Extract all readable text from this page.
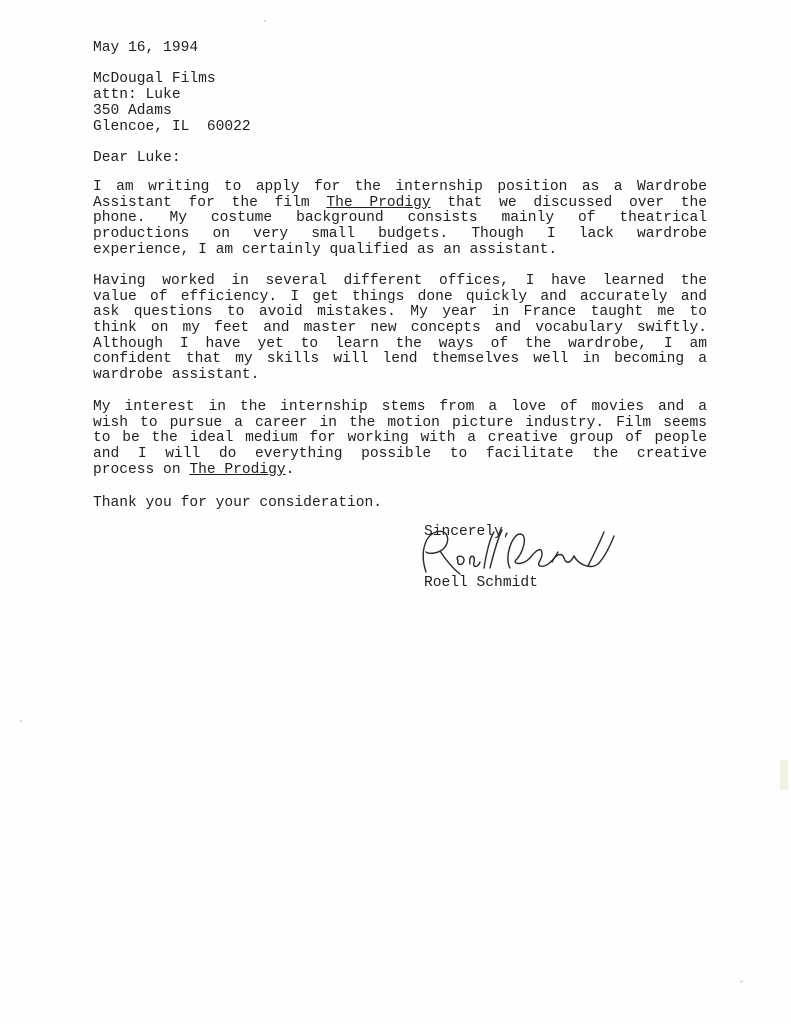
May 16, 1994
McDougal Films
attn: Luke
350 Adams
Glencoe, IL  60022
Dear Luke:
I am writing to apply for the internship position as a Wardrobe
Assistant for the film The Prodigy that we discussed over the
phone. My costume background consists mainly of theatrical
productions on very small budgets. Though I lack wardrobe
experience, I am certainly qualified as an assistant.
Having worked in several different offices, I have learned the
value of efficiency. I get things done quickly and accurately and
ask questions to avoid mistakes. My year in France taught me to
think on my feet and master new concepts and vocabulary swiftly.
Although I have yet to learn the ways of the wardrobe, I am
confident that my skills will lend themselves well in becoming a
wardrobe assistant.
My interest in the internship stems from a love of movies and a
wish to pursue a career in the motion picture industry. Film seems
to be the ideal medium for working with a creative group of people
and I will do everything possible to facilitate the creative
process on The Prodigy.
Thank you for your consideration.
Sincerely,
Roell Schmidt
